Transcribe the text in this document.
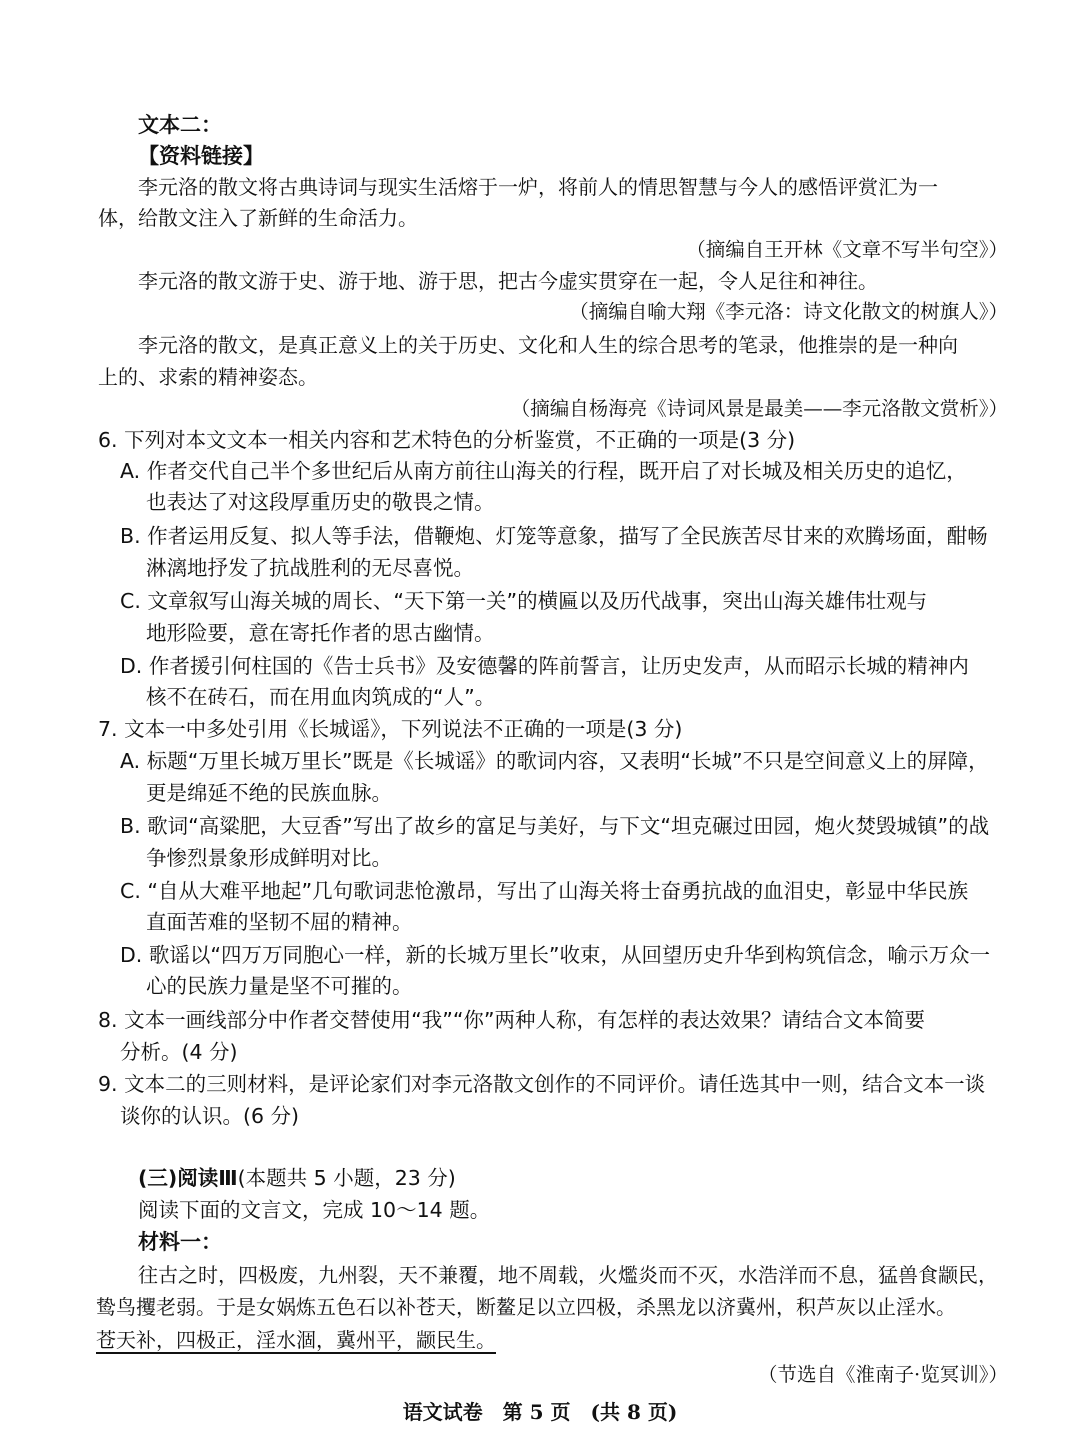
文本二：
【资料链接】
李元洛的散文将古典诗词与现实生活熔于一炉，将前人的情思智慧与今人的感悟评赏汇为一
体，给散文注入了新鲜的生命活力。
（摘编自王开林《文章不写半句空》）
李元洛的散文游于史、游于地、游于思，把古今虚实贯穿在一起，令人足往和神往。
（摘编自喻大翔《李元洛：诗文化散文的树旗人》）
李元洛的散文，是真正意义上的关于历史、文化和人生的综合思考的笔录，他推崇的是一种向
上的、求索的精神姿态。
（摘编自杨海亮《诗词风景是最美——李元洛散文赏析》）
6. 下列对本文文本一相关内容和艺术特色的分析鉴赏，不正确的一项是(3 分)
A. 作者交代自己半个多世纪后从南方前往山海关的行程，既开启了对长城及相关历史的追忆，
也表达了对这段厚重历史的敬畏之情。
B. 作者运用反复、拟人等手法，借鞭炮、灯笼等意象，描写了全民族苦尽甘来的欢腾场面，酣畅
淋漓地抒发了抗战胜利的无尽喜悦。
C. 文章叙写山海关城的周长、“天下第一关”的横匾以及历代战事，突出山海关雄伟壮观与
地形险要，意在寄托作者的思古幽情。
D. 作者援引何柱国的《告士兵书》及安德馨的阵前誓言，让历史发声，从而昭示长城的精神内
核不在砖石，而在用血肉筑成的“人”。
7. 文本一中多处引用《长城谣》，下列说法不正确的一项是(3 分)
A. 标题“万里长城万里长”既是《长城谣》的歌词内容，又表明“长城”不只是空间意义上的屏障，
更是绵延不绝的民族血脉。
B. 歌词“高粱肥，大豆香”写出了故乡的富足与美好，与下文“坦克碾过田园，炮火焚毁城镇”的战
争惨烈景象形成鲜明对比。
C. “自从大难平地起”几句歌词悲怆激昂，写出了山海关将士奋勇抗战的血泪史，彰显中华民族
直面苦难的坚韧不屈的精神。
D. 歌谣以“四万万同胞心一样，新的长城万里长”收束，从回望历史升华到构筑信念，喻示万众一
心的民族力量是坚不可摧的。
8. 文本一画线部分中作者交替使用“我”“你”两种人称，有怎样的表达效果？请结合文本简要
分析。(4 分)
9. 文本二的三则材料，是评论家们对李元洛散文创作的不同评价。请任选其中一则，结合文本一谈
谈你的认识。(6 分)
(三)阅读Ⅲ(本题共 5 小题，23 分)
阅读下面的文言文，完成 10～14 题。
材料一：
往古之时，四极废，九州裂，天不兼覆，地不周载，火爁炎而不灭，水浩洋而不息，猛兽食颛民，
鸷鸟攫老弱。于是女娲炼五色石以补苍天，断鳌足以立四极，杀黑龙以济冀州，积芦灰以止淫水。
苍天补，四极正，淫水涸，冀州平，颛民生。
（节选自《淮南子·览冥训》）
语文试卷　第 5 页　(共 8 页)
